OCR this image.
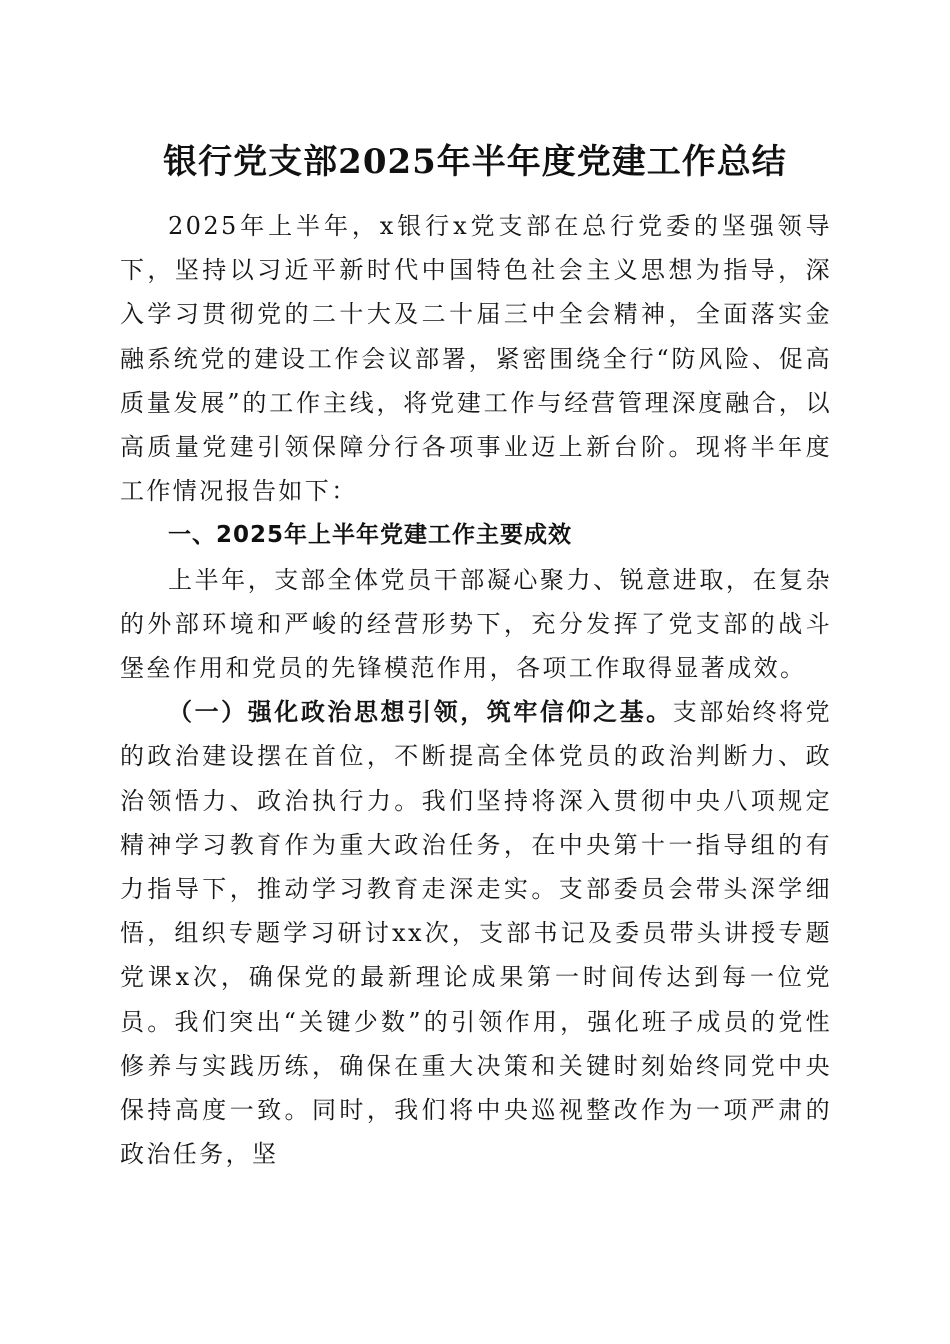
银行党支部2025年半年度党建工作总结

2025年上半年，x银行x党支部在总行党委的坚强领导下，坚持以习近平新时代中国特色社会主义思想为指导，深入学习贯彻党的二十大及二十届三中全会精神，全面落实金融系统党的建设工作会议部署，紧密围绕全行“防风险、促高质量发展”的工作主线，将党建工作与经营管理深度融合，以高质量党建引领保障分行各项事业迈上新台阶。现将半年度工作情况报告如下：

一、2025年上半年党建工作主要成效

上半年，支部全体党员干部凝心聚力、锐意进取，在复杂的外部环境和严峻的经营形势下，充分发挥了党支部的战斗堡垒作用和党员的先锋模范作用，各项工作取得显著成效。

（一）强化政治思想引领，筑牢信仰之基。支部始终将党的政治建设摆在首位，不断提高全体党员的政治判断力、政治领悟力、政治执行力。我们坚持将深入贯彻中央八项规定精神学习教育作为重大政治任务，在中央第十一指导组的有力指导下，推动学习教育走深走实。支部委员会带头深学细悟，组织专题学习研讨xx次，支部书记及委员带头讲授专题党课x次，确保党的最新理论成果第一时间传达到每一位党员。我们突出“关键少数”的引领作用，强化班子成员的党性修养与实践历练，确保在重大决策和关键时刻始终同党中央保持高度一致。同时，我们将中央巡视整改作为一项严肃的政治任务，坚
